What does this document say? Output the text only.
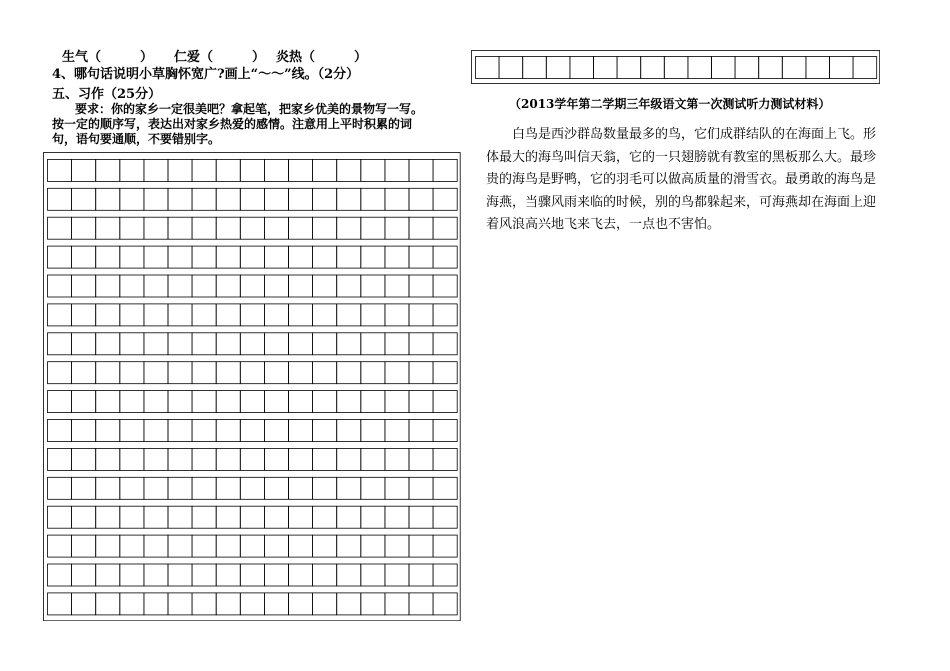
生气（　　　） 仁爱（　　　） 炎热（　　　）
4、哪句话说明小草胸怀宽广?画上“～～”线。（2分）
五、习作（25分）
要求：你的家乡一定很美吧？拿起笔，把家乡优美的景物写一写。
按一定的顺序写，表达出对家乡热爱的感情。注意用上平时积累的词
句，语句要通顺，不要错别字。
（2013学年第二学期三年级语文第一次测试听力测试材料）
白鸟是西沙群岛数量最多的鸟，它们成群结队的在海面上飞。形
体最大的海鸟叫信天翁，它的一只翅膀就有教室的黑板那么大。最珍
贵的海鸟是野鸭，它的羽毛可以做高质量的滑雪衣。最勇敢的海鸟是
海燕，当骤风雨来临的时候，别的鸟都躲起来，可海燕却在海面上迎
着风浪高兴地飞来飞去，一点也不害怕。
